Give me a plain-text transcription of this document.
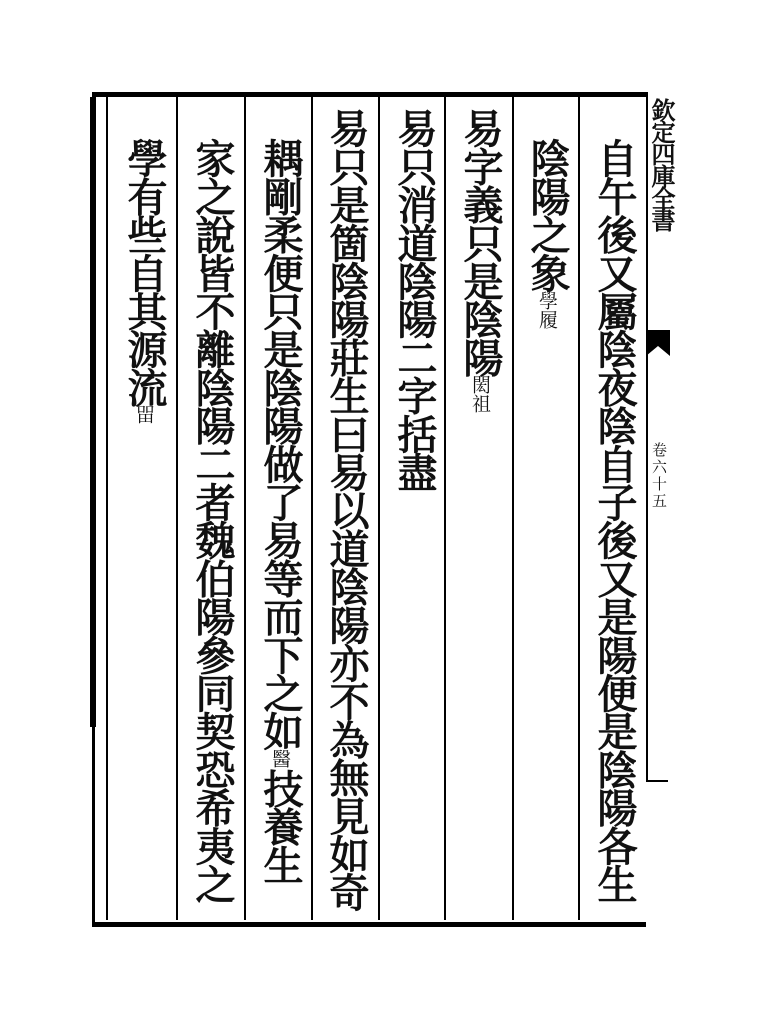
自午後又屬陰夜陰自子後又是陽便是陰陽各生
陰陽之象學履
易字義只是陰陽閎祖
易只消道陰陽二字括盡
易只是箇陰陽莊生曰易以道陰陽亦不為無見如奇
耦剛柔便只是陰陽做了易等而下之如醫技養生
家之說皆不離陰陽二者魏伯陽參同契恐希夷之
學有些自其源流㽞
欽定四庫全書
卷六十五
